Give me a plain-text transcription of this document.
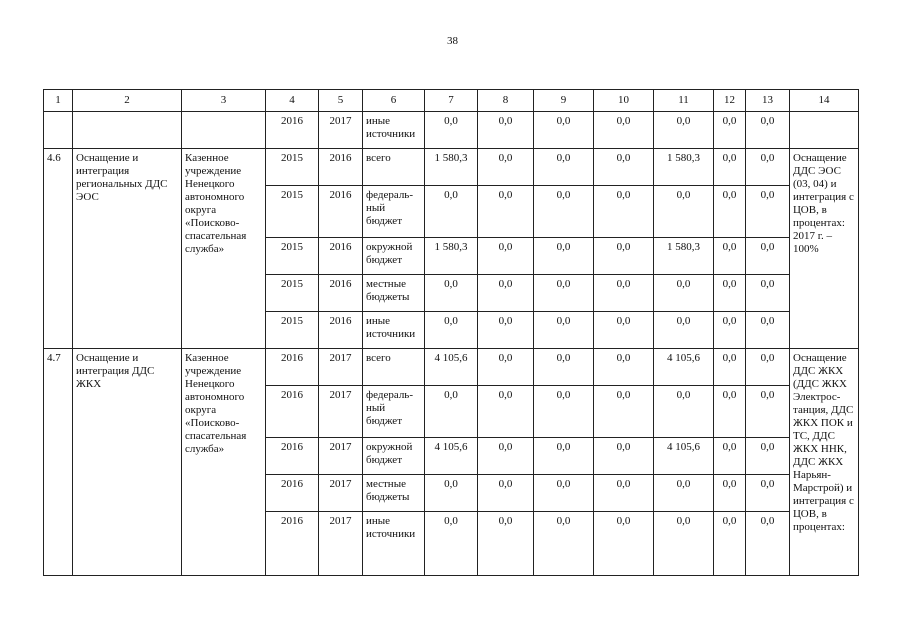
38
1	2	3	4	5	6	7	8	9	10	11	12	13	14
			2016	2017	иные источники	0,0	0,0	0,0	0,0	0,0	0,0	0,0	
4.6	Оснащение и интеграция региональных ДДС ЭОС	Казенное учреждение Ненецкого автономного округа «Поисково-спасательная служба»	2015	2016	всего	1 580,3	0,0	0,0	0,0	1 580,3	0,0	0,0	Оснащение ДДС ЭОС (03, 04) и интеграция с ЦОВ, в процентах: 2017 г. – 100%
			2015	2016	федераль-ный бюджет	0,0	0,0	0,0	0,0	0,0	0,0	0,0	
			2015	2016	окружной бюджет	1 580,3	0,0	0,0	0,0	1 580,3	0,0	0,0	
			2015	2016	местные бюджеты	0,0	0,0	0,0	0,0	0,0	0,0	0,0	
			2015	2016	иные источники	0,0	0,0	0,0	0,0	0,0	0,0	0,0	
4.7	Оснащение и интеграция ДДС ЖКХ	Казенное учреждение Ненецкого автономного округа «Поисково-спасательная служба»	2016	2017	всего	4 105,6	0,0	0,0	0,0	4 105,6	0,0	0,0	Оснащение ДДС ЖКХ (ДДС ЖКХ Электрос-танция, ДДС ЖКХ ПОК и ТС, ДДС ЖКХ ННК, ДДС ЖКХ Нарьян-Марстрой) и интеграция с ЦОВ, в процентах:
			2016	2017	федераль-ный бюджет	0,0	0,0	0,0	0,0	0,0	0,0	0,0	
			2016	2017	окружной бюджет	4 105,6	0,0	0,0	0,0	4 105,6	0,0	0,0	
			2016	2017	местные бюджеты	0,0	0,0	0,0	0,0	0,0	0,0	0,0	
			2016	2017	иные источники	0,0	0,0	0,0	0,0	0,0	0,0	0,0	
